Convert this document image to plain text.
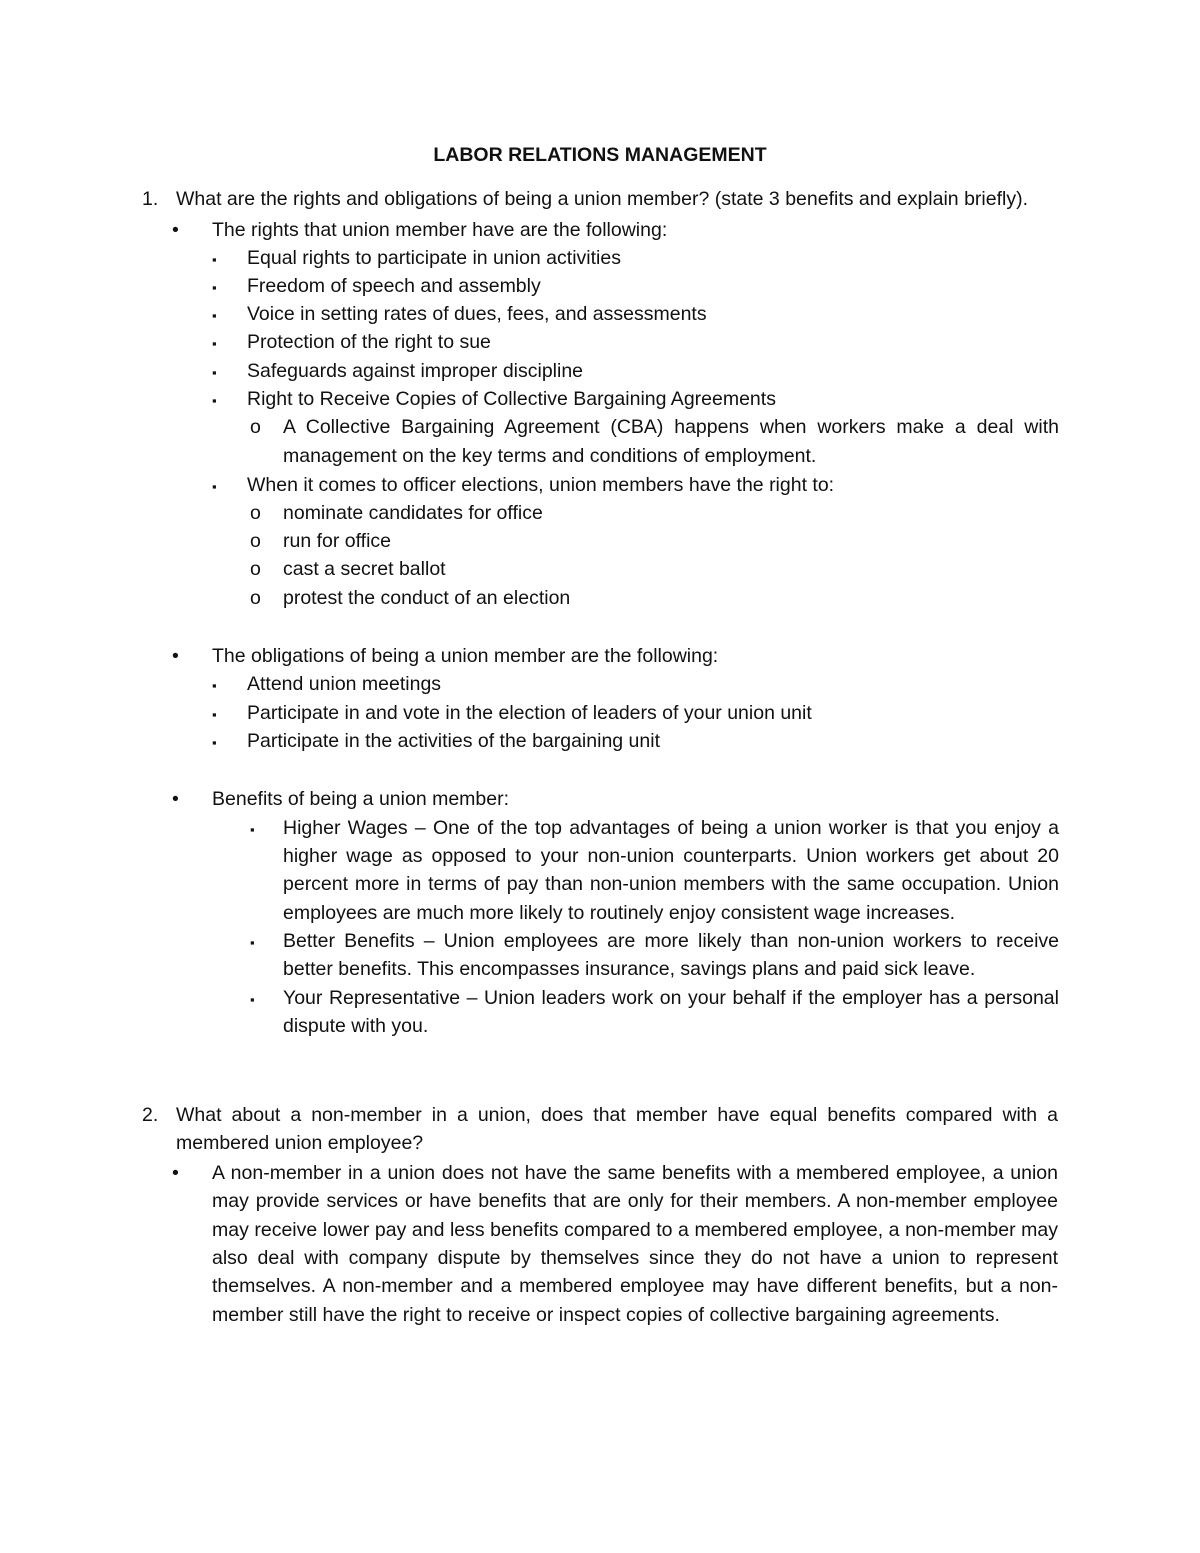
LABOR RELATIONS MANAGEMENT
1. What are the rights and obligations of being a union member? (state 3 benefits and explain briefly).
• The rights that union member have are the following:
▪ Equal rights to participate in union activities
▪ Freedom of speech and assembly
▪ Voice in setting rates of dues, fees, and assessments
▪ Protection of the right to sue
▪ Safeguards against improper discipline
▪ Right to Receive Copies of Collective Bargaining Agreements
o A Collective Bargaining Agreement (CBA) happens when workers make a deal with
management on the key terms and conditions of employment.
▪ When it comes to officer elections, union members have the right to:
o nominate candidates for office
o run for office
o cast a secret ballot
o protest the conduct of an election
• The obligations of being a union member are the following:
▪ Attend union meetings
▪ Participate in and vote in the election of leaders of your union unit
▪ Participate in the activities of the bargaining unit
• Benefits of being a union member:
▪ Higher Wages – One of the top advantages of being a union worker is that you enjoy a
higher wage as opposed to your non-union counterparts. Union workers get about 20
percent more in terms of pay than non-union members with the same occupation. Union
employees are much more likely to routinely enjoy consistent wage increases.
▪ Better Benefits – Union employees are more likely than non-union workers to receive
better benefits. This encompasses insurance, savings plans and paid sick leave.
▪ Your Representative – Union leaders work on your behalf if the employer has a personal
dispute with you.
2. What about a non-member in a union, does that member have equal benefits compared with a
membered union employee?
• A non-member in a union does not have the same benefits with a membered employee, a union
may provide services or have benefits that are only for their members. A non-member employee
may receive lower pay and less benefits compared to a membered employee, a non-member may
also deal with company dispute by themselves since they do not have a union to represent
themselves. A non-member and a membered employee may have different benefits, but a non-
member still have the right to receive or inspect copies of collective bargaining agreements.
